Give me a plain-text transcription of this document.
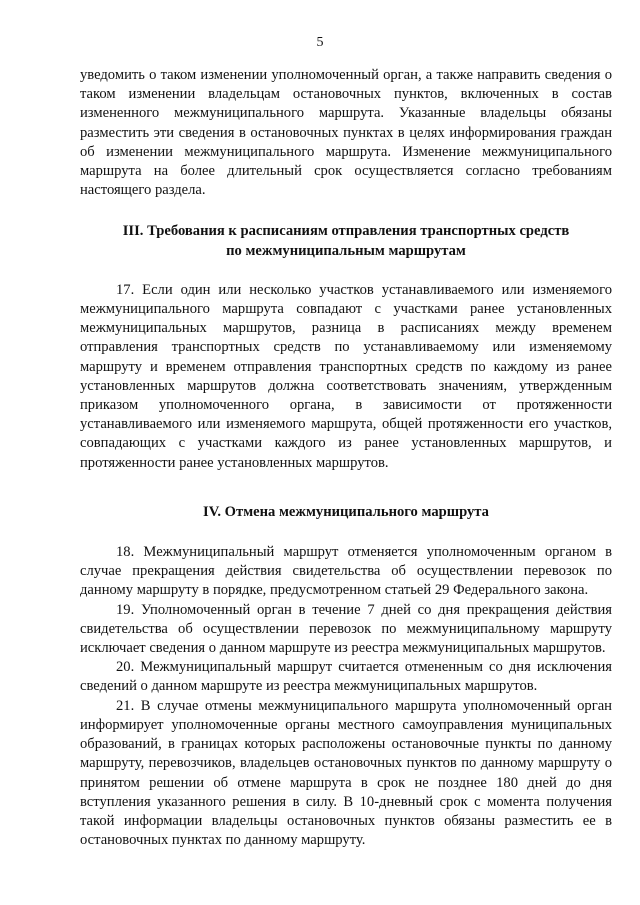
5

уведомить о таком изменении уполномоченный орган, а также направить сведения о таком изменении владельцам остановочных пунктов, включенных в состав измененного межмуниципального маршрута. Указанные владельцы обязаны разместить эти сведения в остановочных пунктах в целях информирования граждан об изменении межмуниципального маршрута. Изменение межмуниципального маршрута на более длительный срок осуществляется согласно требованиям настоящего раздела.

III. Требования к расписаниям отправления транспортных средств
по межмуниципальным маршрутам

17. Если один или несколько участков устанавливаемого или изменяемого межмуниципального маршрута совпадают с участками ранее установленных межмуниципальных маршрутов, разница в расписаниях между временем отправления транспортных средств по устанавливаемому или изменяемому маршруту и временем отправления транспортных средств по каждому из ранее установленных маршрутов должна соответствовать значениям, утвержденным приказом уполномоченного органа, в зависимости от протяженности устанавливаемого или изменяемого маршрута, общей протяженности его участков, совпадающих с участками каждого из ранее установленных маршрутов, и протяженности ранее установленных маршрутов.

IV. Отмена межмуниципального маршрута

18. Межмуниципальный маршрут отменяется уполномоченным органом в случае прекращения действия свидетельства об осуществлении перевозок по данному маршруту в порядке, предусмотренном статьей 29 Федерального закона.

19. Уполномоченный орган в течение 7 дней со дня прекращения действия свидетельства об осуществлении перевозок по межмуниципальному маршруту исключает сведения о данном маршруте из реестра межмуниципальных маршрутов.

20. Межмуниципальный маршрут считается отмененным со дня исключения сведений о данном маршруте из реестра межмуниципальных маршрутов.

21. В случае отмены межмуниципального маршрута уполномоченный орган информирует уполномоченные органы местного самоуправления муниципальных образований, в границах которых расположены остановочные пункты по данному маршруту, перевозчиков, владельцев остановочных пунктов по данному маршруту о принятом решении об отмене маршрута в срок не позднее 180 дней до дня вступления указанного решения в силу. В 10-дневный срок с момента получения такой информации владельцы остановочных пунктов обязаны разместить ее в остановочных пунктах по данному маршруту.
